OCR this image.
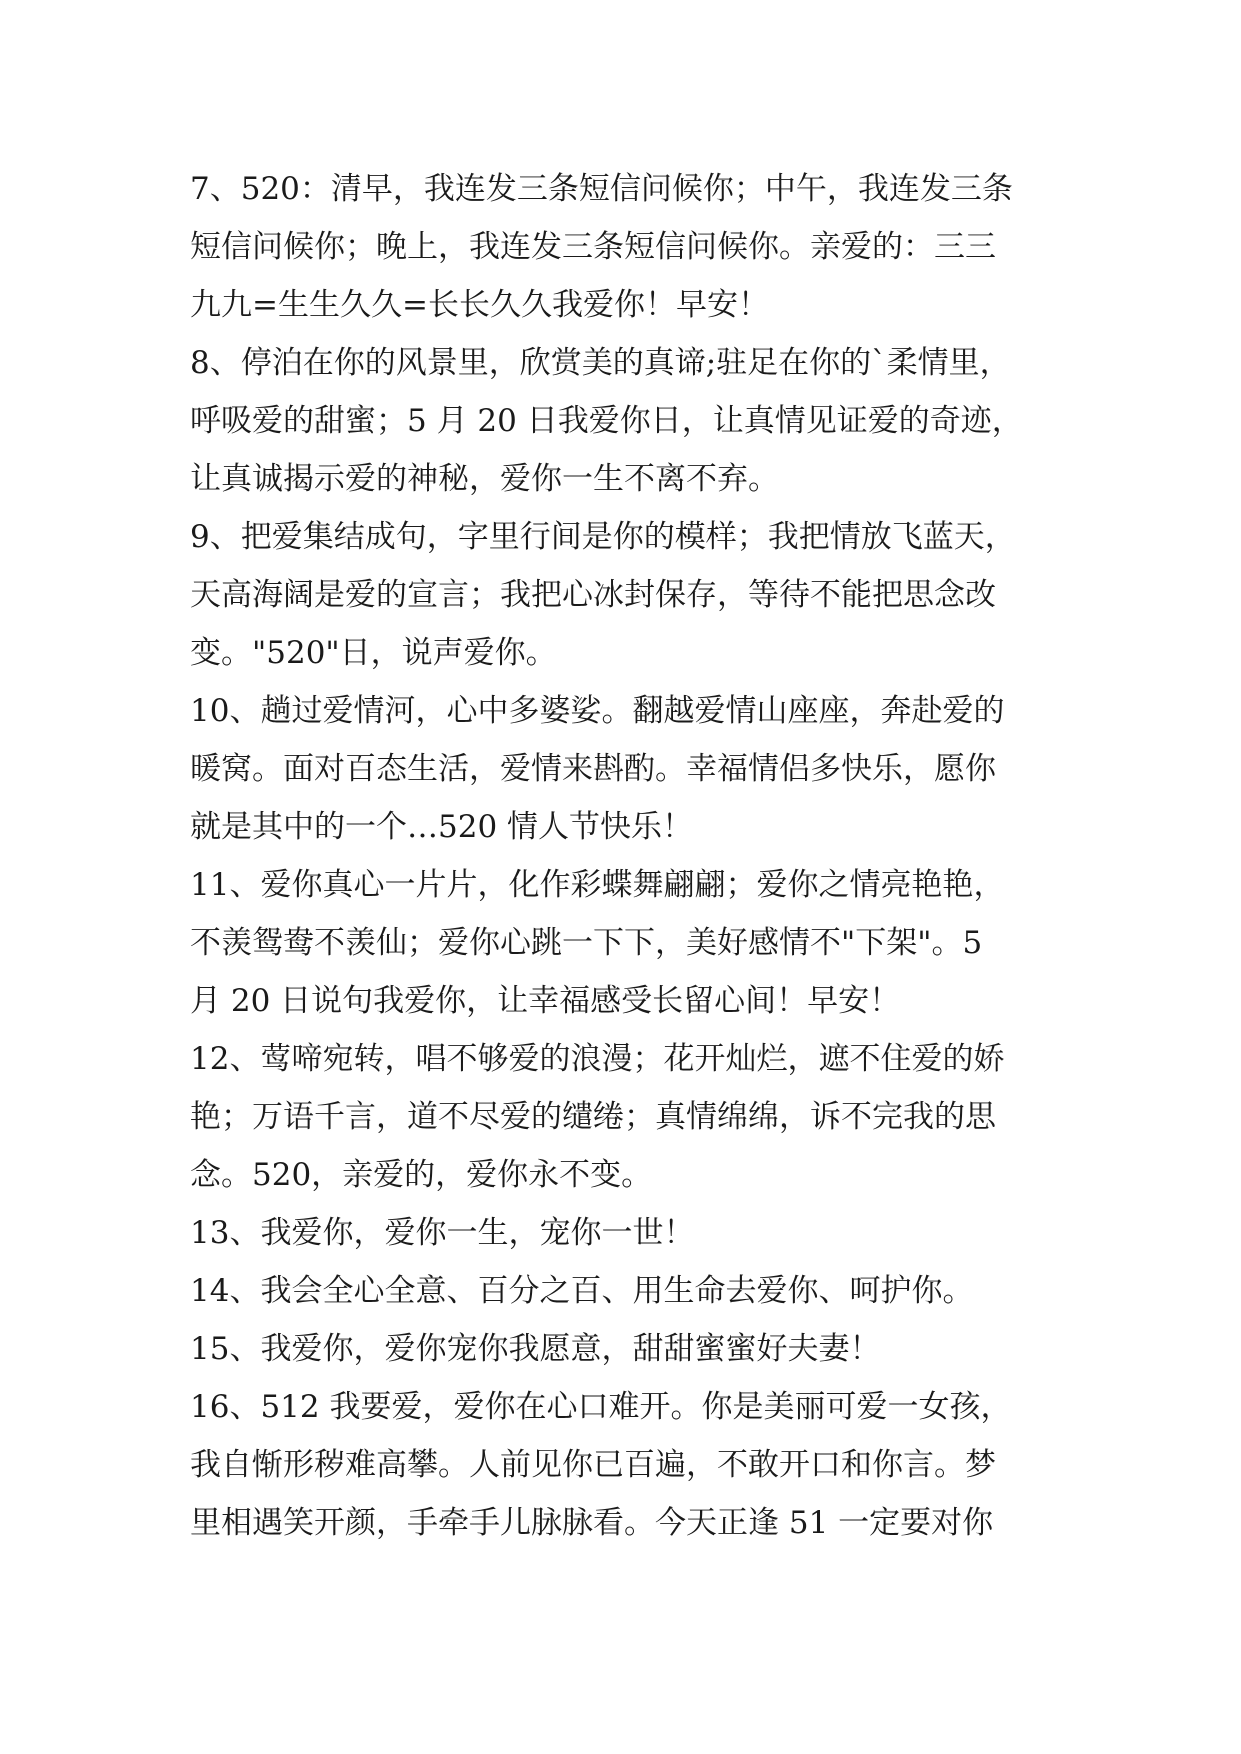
7、520：清早，我连发三条短信问候你；中午，我连发三条
短信问候你；晚上，我连发三条短信问候你。亲爱的：三三
九九=生生久久=长长久久我爱你！早安！
8、停泊在你的风景里，欣赏美的真谛;驻足在你的`柔情里，
呼吸爱的甜蜜；5 月 20 日我爱你日，让真情见证爱的奇迹，
让真诚揭示爱的神秘，爱你一生不离不弃。
9、把爱集结成句，字里行间是你的模样；我把情放飞蓝天，
天高海阔是爱的宣言；我把心冰封保存，等待不能把思念改
变。"520"日，说声爱你。
10、趟过爱情河，心中多婆娑。翻越爱情山座座，奔赴爱的
暖窝。面对百态生活，爱情来斟酌。幸福情侣多快乐，愿你
就是其中的一个…520 情人节快乐！
11、爱你真心一片片，化作彩蝶舞翩翩；爱你之情亮艳艳，
不羡鸳鸯不羡仙；爱你心跳一下下，美好感情不"下架"。5
月 20 日说句我爱你，让幸福感受长留心间！早安！
12、莺啼宛转，唱不够爱的浪漫；花开灿烂，遮不住爱的娇
艳；万语千言，道不尽爱的缱绻；真情绵绵，诉不完我的思
念。520，亲爱的，爱你永不变。
13、我爱你，爱你一生，宠你一世！
14、我会全心全意、百分之百、用生命去爱你、呵护你。
15、我爱你，爱你宠你我愿意，甜甜蜜蜜好夫妻！
16、512 我要爱，爱你在心口难开。你是美丽可爱一女孩，
我自惭形秽难高攀。人前见你已百遍，不敢开口和你言。梦
里相遇笑开颜，手牵手儿脉脉看。今天正逢 51 一定要对你
